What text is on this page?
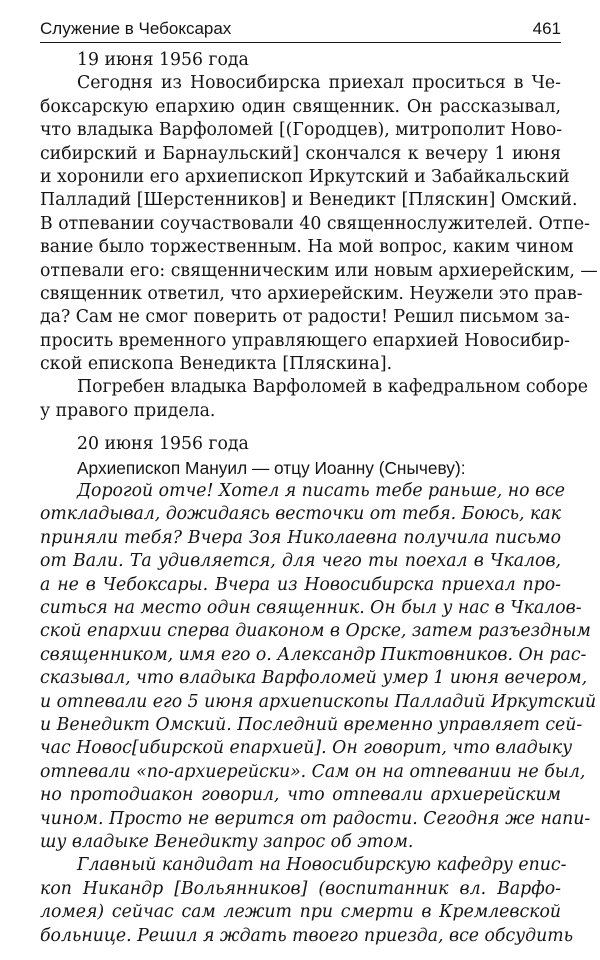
Служение в Чебоксарах	461
19 июня 1956 года

Сегодня из Новосибирска приехал проситься в Че-
боксарскую епархию один священник. Он рассказывал,
что владыка Варфоломей [(Городцев), митрополит Ново-
сибирский и Барнаульский] скончался к вечеру 1 июня
и хоронили его архиепископ Иркутский и Забайкальский
Палладий [Шерстенников] и Венедикт [Пляскин] Омский.
В отпевании соучаствовали 40 священнослужителей. Отпе-
вание было торжественным. На мой вопрос, каким чином
отпевали его: священническим или новым архиерейским, —
священник ответил, что архиерейским. Неужели это прав-
да? Сам не смог поверить от радости! Решил письмом за-
просить временного управляющего епархией Новосибир-
ской епископа Венедикта [Пляскина].

Погребен владыка Варфоломей в кафедральном соборе
у правого придела.

20 июня 1956 года
Архиепископ Мануил — отцу Иоанну (Снычеву):

Дорогой отче! Хотел я писать тебе раньше, но все
откладывал, дожидаясь весточки от тебя. Боюсь, как
приняли тебя? Вчера Зоя Николаевна получила письмо
от Вали. Та удивляется, для чего ты поехал в Чкалов,
а не в Чебоксары. Вчера из Новосибирска приехал про-
ситься на место один священник. Он был у нас в Чкалов-
ской епархии сперва диаконом в Орске, затем разъездным
священником, имя его о. Александр Пиктовников. Он рас-
сказывал, что владыка Варфоломей умер 1 июня вечером,
и отпевали его 5 июня архиепископы Палладий Иркутский
и Венедикт Омский. Последний временно управляет сей-
час Новос[ибирской епархией]. Он говорит, что владыку
отпевали «по-архиерейски». Сам он на отпевании не был,
но протодиакон говорил, что отпевали архиерейским
чином. Просто не верится от радости. Сегодня же напи-
шу владыке Венедикту запрос об этом.

Главный кандидат на Новосибирскую кафедру епис-
коп Никандр [Вольянников] (воспитанник вл. Варфо-
ломея) сейчас сам лежит при смерти в Кремлевской
больнице. Решил я ждать твоего приезда, все обсудить
